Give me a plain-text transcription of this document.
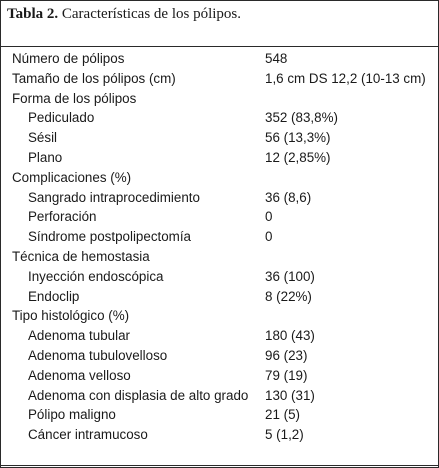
Tabla 2. Características de los pólipos.
Número de pólipos	548
Tamaño de los pólipos (cm)	1,6 cm DS 12,2 (10-13 cm)
Forma de los pólipos
Pediculado	352 (83,8%)
Sésil	56 (13,3%)
Plano	12 (2,85%)
Complicaciones (%)
Sangrado intraprocedimiento	36 (8,6)
Perforación	0
Síndrome postpolipectomía	0
Técnica de hemostasia
Inyección endoscópica	36 (100)
Endoclip	8 (22%)
Tipo histológico (%)
Adenoma tubular	180 (43)
Adenoma tubulovelloso	96 (23)
Adenoma velloso	79 (19)
Adenoma con displasia de alto grado 130 (31)
Pólipo maligno	21 (5)
Cáncer intramucoso	5 (1,2)
